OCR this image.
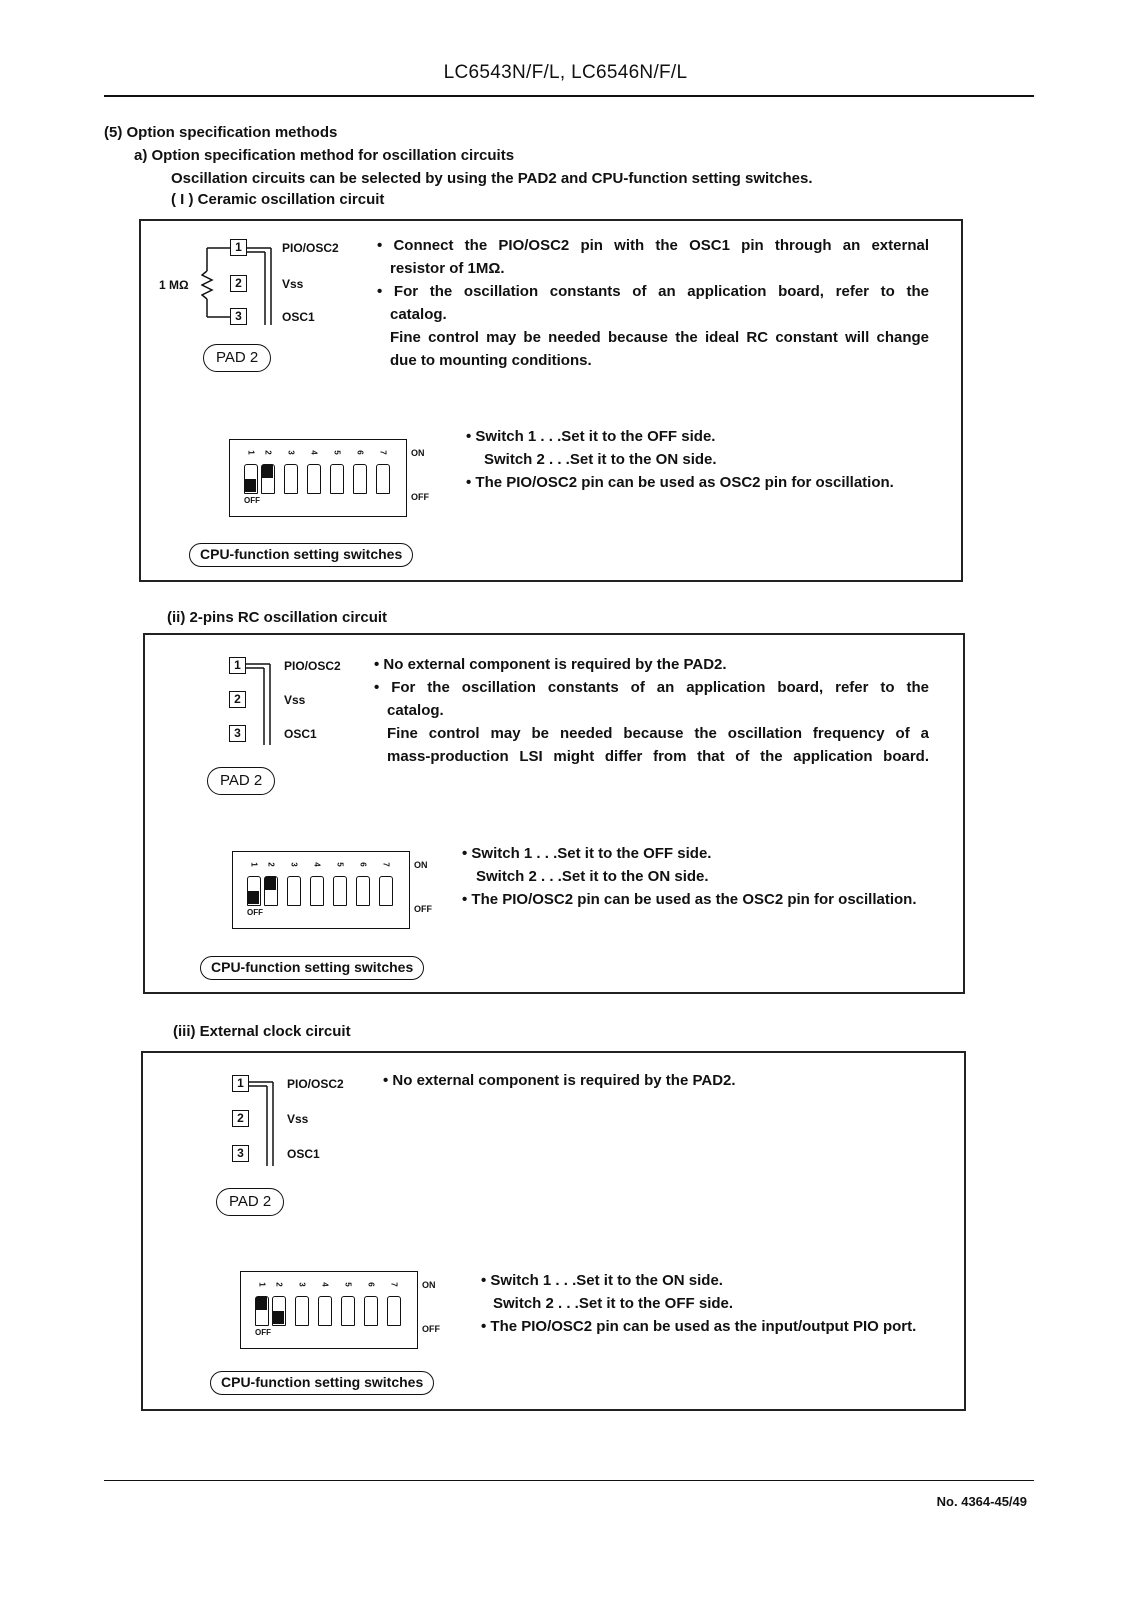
LC6543N/F/L, LC6546N/F/L
(5) Option specification methods
a) Option specification method for oscillation circuits
Oscillation circuits can be selected by using the PAD2 and CPU-function setting switches.
( I ) Ceramic oscillation circuit
1
2
3
PIO/OSC2
Vss
OSC1
1 MΩ
PAD 2
• Connect the PIO/OSC2 pin with the OSC1 pin through an external
resistor of 1MΩ.
• For the oscillation constants of an application board, refer to the
catalog.
Fine control may be needed because the ideal RC constant will change
due to mounting conditions.
1 2 3 4 5 6 7
OFF
ON
OFF
CPU-function setting switches
• Switch 1 . . .Set it to the OFF side.
Switch 2 . . .Set it to the ON side.
• The PIO/OSC2 pin can be used as OSC2 pin for oscillation.
(ii) 2-pins RC oscillation circuit
1
2
3
PIO/OSC2
Vss
OSC1
PAD 2
• No external component is required by the PAD2.
• For the oscillation constants of an application board, refer to the
catalog.
Fine control may be needed because the oscillation frequency of a
mass-production LSI might differ from that of the application board.
1 2 3 4 5 6 7
OFF
ON
OFF
CPU-function setting switches
• Switch 1 . . .Set it to the OFF side.
Switch 2 . . .Set it to the ON side.
• The PIO/OSC2 pin can be used as the OSC2 pin for oscillation.
(iii) External clock circuit
1
2
3
PIO/OSC2
Vss
OSC1
PAD 2
• No external component is required by the PAD2.
1 2 3 4 5 6 7
OFF
ON
OFF
CPU-function setting switches
• Switch 1 . . .Set it to the ON side.
Switch 2 . . .Set it to the OFF side.
• The PIO/OSC2 pin can be used as the input/output PIO port.
No. 4364-45/49
